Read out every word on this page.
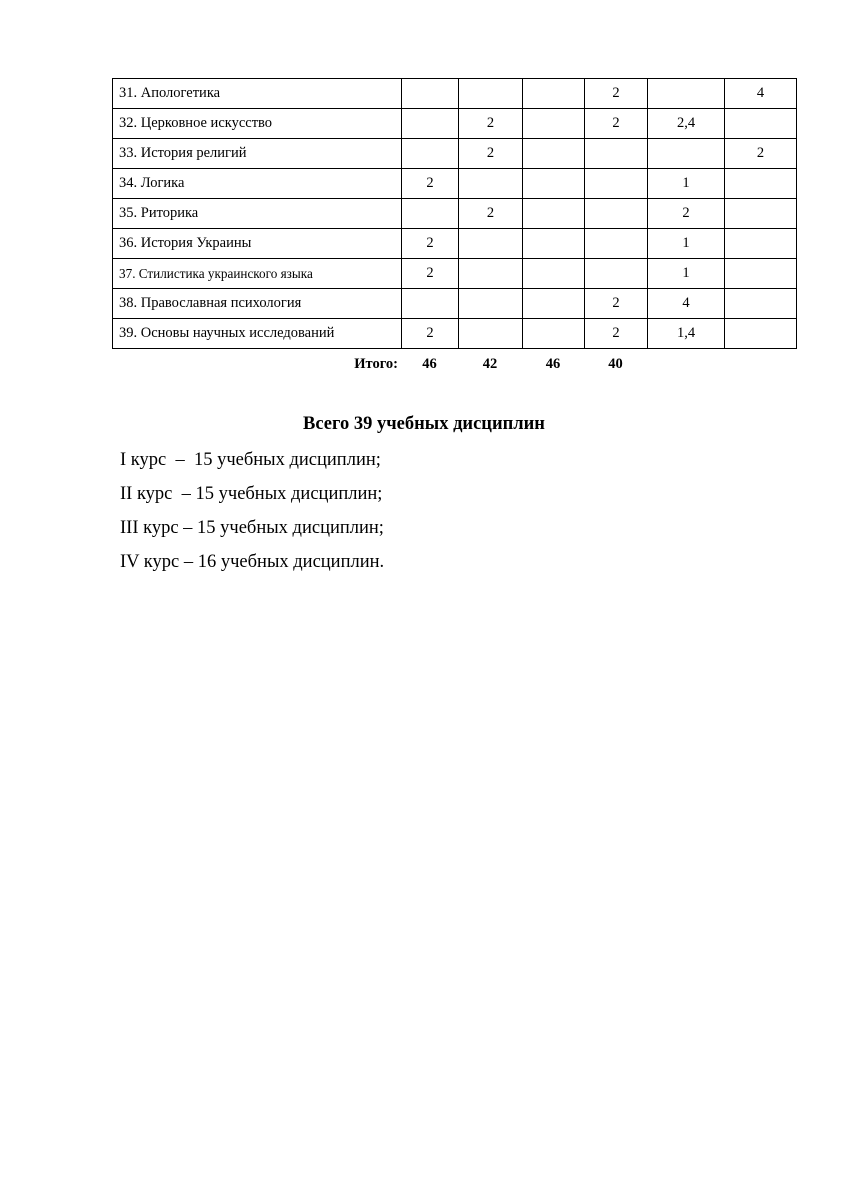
31. Апологетика				2		4
32. Церковное искусство		2		2	2,4	
33. История религий		2				2
34. Логика	2				1	
35. Риторика		2			2	
36. История Украины	2				1	
37. Стилистика украинского языка	2				1	
38. Православная психология				2	4	
39. Основы научных исследований	2			2	1,4	
Итого:	46	42	46	40
Всего 39 учебных дисциплин
I курс  –  15 учебных дисциплин;
II курс  – 15 учебных дисциплин;
III курс – 15 учебных дисциплин;
IV курс – 16 учебных дисциплин.
